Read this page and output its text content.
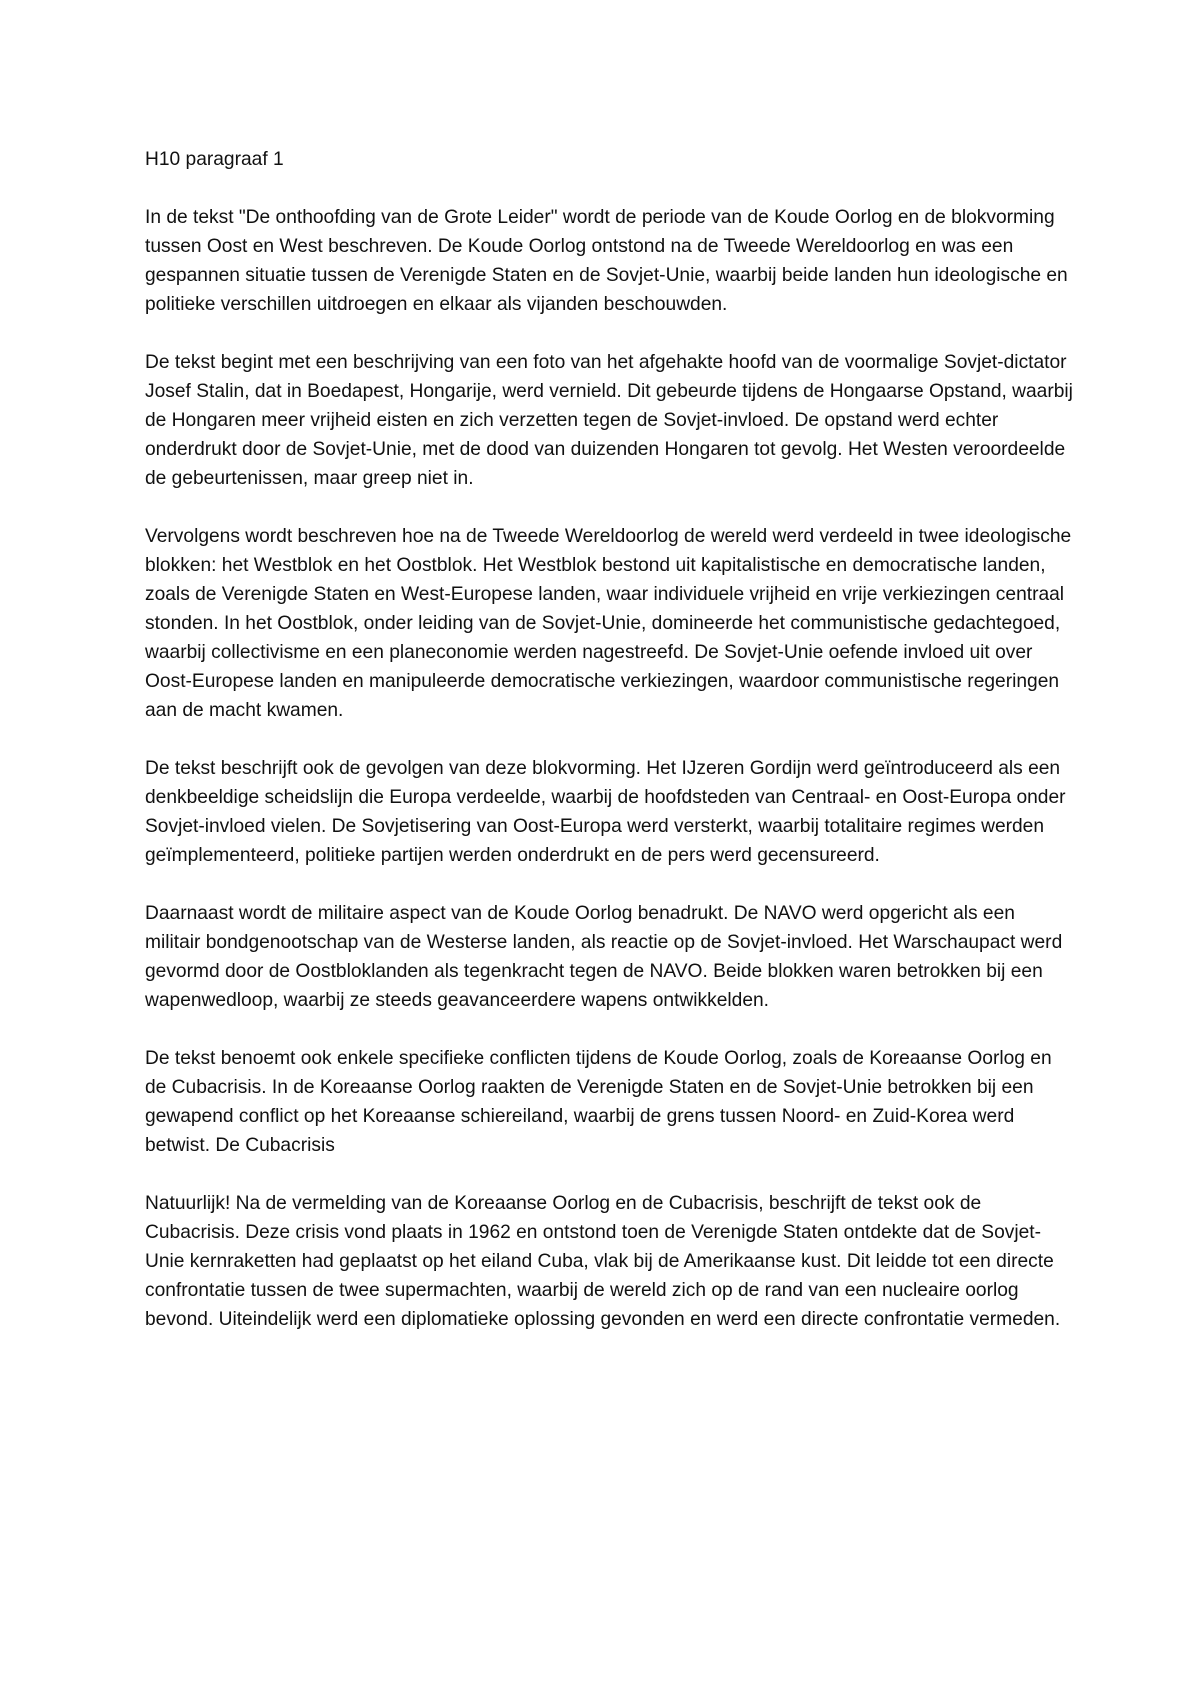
H10 paragraaf 1

In de tekst "De onthoofding van de Grote Leider" wordt de periode van de Koude Oorlog en de blokvorming tussen Oost en West beschreven. De Koude Oorlog ontstond na de Tweede Wereldoorlog en was een gespannen situatie tussen de Verenigde Staten en de Sovjet-Unie, waarbij beide landen hun ideologische en politieke verschillen uitdroegen en elkaar als vijanden beschouwden.

De tekst begint met een beschrijving van een foto van het afgehakte hoofd van de voormalige Sovjet-dictator Josef Stalin, dat in Boedapest, Hongarije, werd vernield. Dit gebeurde tijdens de Hongaarse Opstand, waarbij de Hongaren meer vrijheid eisten en zich verzetten tegen de Sovjet-invloed. De opstand werd echter onderdrukt door de Sovjet-Unie, met de dood van duizenden Hongaren tot gevolg. Het Westen veroordeelde de gebeurtenissen, maar greep niet in.

Vervolgens wordt beschreven hoe na de Tweede Wereldoorlog de wereld werd verdeeld in twee ideologische blokken: het Westblok en het Oostblok. Het Westblok bestond uit kapitalistische en democratische landen, zoals de Verenigde Staten en West-Europese landen, waar individuele vrijheid en vrije verkiezingen centraal stonden. In het Oostblok, onder leiding van de Sovjet-Unie, domineerde het communistische gedachtegoed, waarbij collectivisme en een planeconomie werden nagestreefd. De Sovjet-Unie oefende invloed uit over Oost-Europese landen en manipuleerde democratische verkiezingen, waardoor communistische regeringen aan de macht kwamen.

De tekst beschrijft ook de gevolgen van deze blokvorming. Het IJzeren Gordijn werd geïntroduceerd als een denkbeeldige scheidslijn die Europa verdeelde, waarbij de hoofdsteden van Centraal- en Oost-Europa onder Sovjet-invloed vielen. De Sovjetisering van Oost-Europa werd versterkt, waarbij totalitaire regimes werden geïmplementeerd, politieke partijen werden onderdrukt en de pers werd gecensureerd.

Daarnaast wordt de militaire aspect van de Koude Oorlog benadrukt. De NAVO werd opgericht als een militair bondgenootschap van de Westerse landen, als reactie op de Sovjet-invloed. Het Warschaupact werd gevormd door de Oostbloklanden als tegenkracht tegen de NAVO. Beide blokken waren betrokken bij een wapenwedloop, waarbij ze steeds geavanceerdere wapens ontwikkelden.

De tekst benoemt ook enkele specifieke conflicten tijdens de Koude Oorlog, zoals de Koreaanse Oorlog en de Cubacrisis. In de Koreaanse Oorlog raakten de Verenigde Staten en de Sovjet-Unie betrokken bij een gewapend conflict op het Koreaanse schiereiland, waarbij de grens tussen Noord- en Zuid-Korea werd betwist. De Cubacrisis

Natuurlijk! Na de vermelding van de Koreaanse Oorlog en de Cubacrisis, beschrijft de tekst ook de Cubacrisis. Deze crisis vond plaats in 1962 en ontstond toen de Verenigde Staten ontdekte dat de Sovjet-Unie kernraketten had geplaatst op het eiland Cuba, vlak bij de Amerikaanse kust. Dit leidde tot een directe confrontatie tussen de twee supermachten, waarbij de wereld zich op de rand van een nucleaire oorlog bevond. Uiteindelijk werd een diplomatieke oplossing gevonden en werd een directe confrontatie vermeden.
